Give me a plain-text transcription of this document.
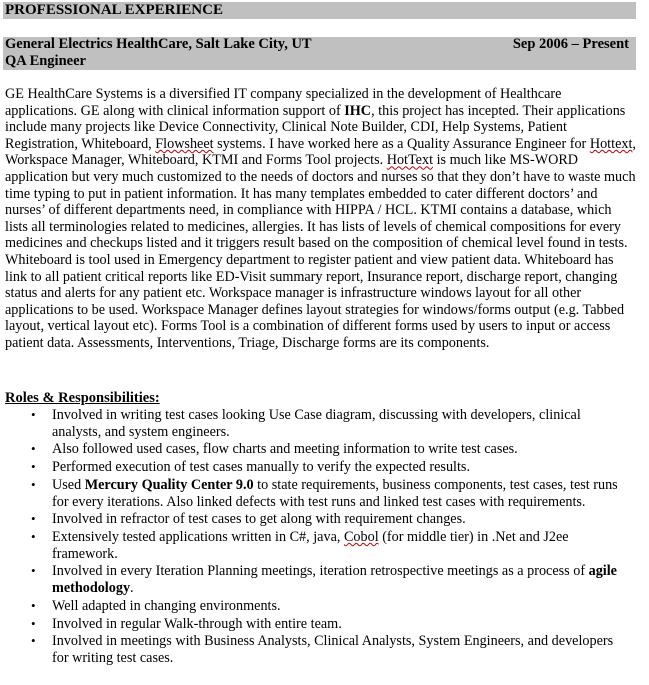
PROFESSIONAL EXPERIENCE
General Electrics HealthCare, Salt Lake City, UT	Sep 2006 – Present
QA Engineer

GE HealthCare Systems is a diversified IT company specialized in the development of Healthcare applications. GE along with clinical information support of IHC, this project has incepted. Their applications include many projects like Device Connectivity, Clinical Note Builder, CDI, Help Systems, Patient Registration, Whiteboard, Flowsheet systems. I have worked here as a Quality Assurance Engineer for Hottext, Workspace Manager, Whiteboard, KTMI and Forms Tool projects. HotText is much like MS-WORD application but very much customized to the needs of doctors and nurses so that they don’t have to waste much time typing to put in patient information. It has many templates embedded to cater different doctors’ and nurses’ of different departments need, in compliance with HIPPA / HCL. KTMI contains a database, which lists all terminologies related to medicines, allergies. It has lists of levels of chemical compositions for every medicines and checkups listed and it triggers result based on the composition of chemical level found in tests. Whiteboard is tool used in Emergency department to register patient and view patient data. Whiteboard has link to all patient critical reports like ED-Visit summary report, Insurance report, discharge report, changing status and alerts for any patient etc. Workspace manager is infrastructure windows layout for all other applications to be used. Workspace Manager defines layout strategies for windows/forms output (e.g. Tabbed layout, vertical layout etc). Forms Tool is a combination of different forms used by users to input or access patient data. Assessments, Interventions, Triage, Discharge forms are its components.

Roles & Responsibilities:
• Involved in writing test cases looking Use Case diagram, discussing with developers, clinical analysts, and system engineers.
• Also followed used cases, flow charts and meeting information to write test cases.
• Performed execution of test cases manually to verify the expected results.
• Used Mercury Quality Center 9.0 to state requirements, business components, test cases, test runs for every iterations. Also linked defects with test runs and linked test cases with requirements.
• Involved in refractor of test cases to get along with requirement changes.
• Extensively tested applications written in C#, java, Cobol (for middle tier) in .Net and J2ee framework.
• Involved in every Iteration Planning meetings, iteration retrospective meetings as a process of agile methodology.
• Well adapted in changing environments.
• Involved in regular Walk-through with entire team.
• Involved in meetings with Business Analysts, Clinical Analysts, System Engineers, and developers for writing test cases.
